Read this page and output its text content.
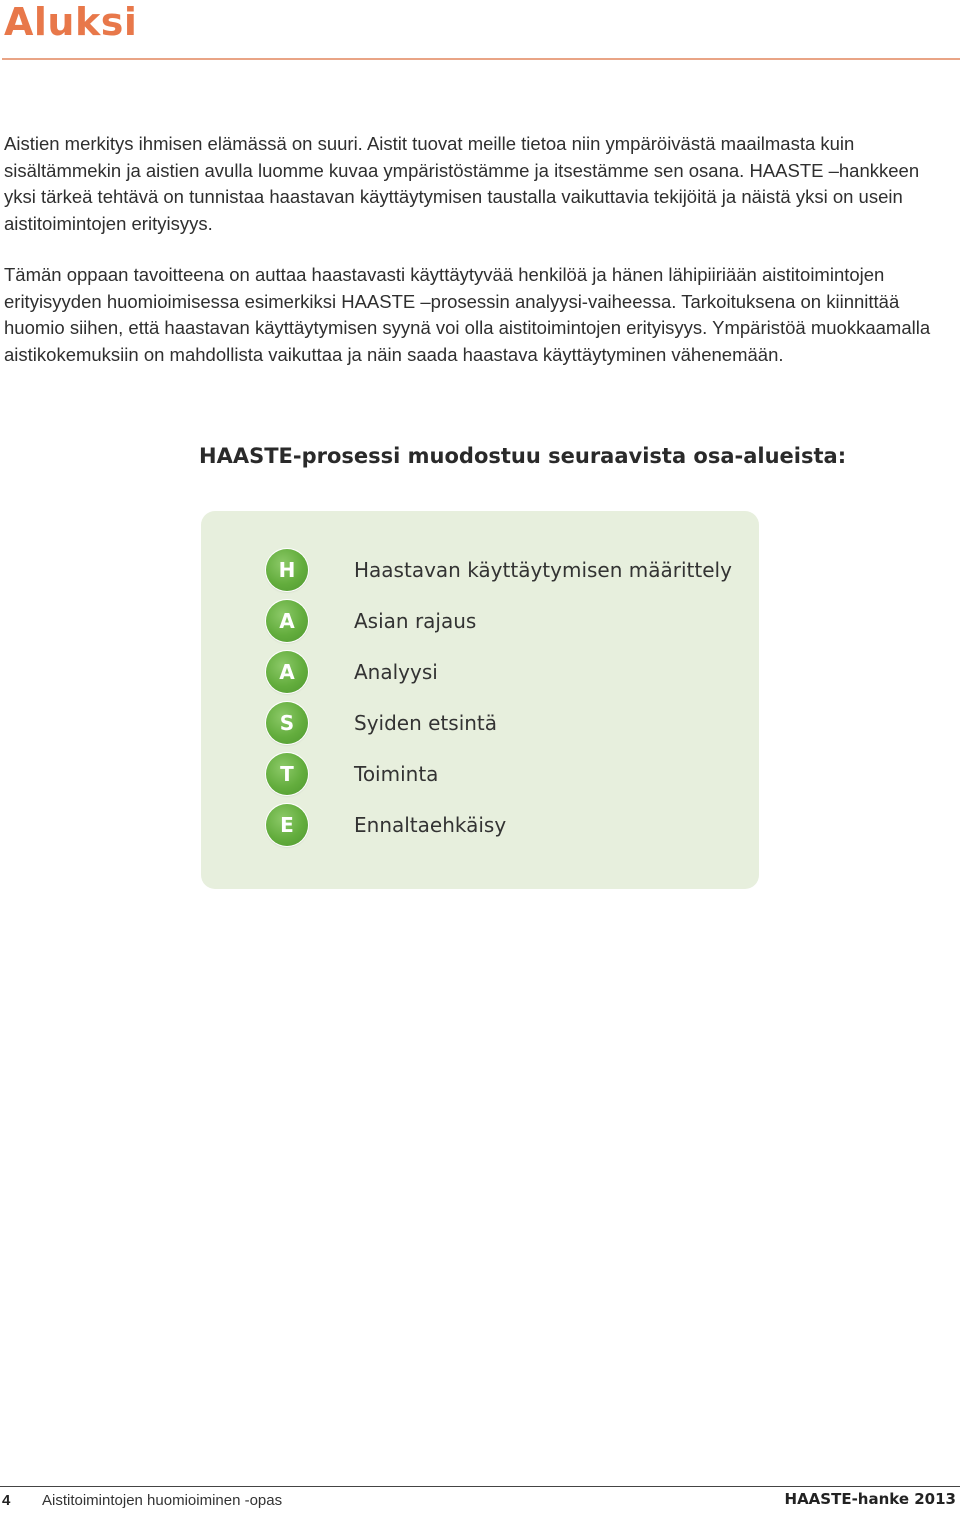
Aluksi

Aistien merkitys ihmisen elämässä on suuri. Aistit tuovat meille tietoa niin ympäröivästä maailmasta kuin sisältämmekin ja aistien avulla luomme kuvaa ympäristöstämme ja itsestämme sen osana. HAASTE –hankkeen yksi tärkeä tehtävä on tunnistaa haastavan käyttäytymisen taustalla vaikuttavia tekijöitä ja näistä yksi on usein aistitoimintojen erityisyys.

Tämän oppaan tavoitteena on auttaa haastavasti käyttäytyvää henkilöä ja hänen lähipiiriään aistitoimintojen erityisyyden huomioimisessa esimerkiksi HAASTE –prosessin analyysi-vaiheessa. Tarkoituksena on kiinnittää huomio siihen, että haastavan käyttäytymisen syynä voi olla aistitoimintojen erityisyys. Ympäristöä muokkaamalla aistikokemuksiin on mahdollista vaikuttaa ja näin saada haastava käyttäytyminen vähenemään.

HAASTE-prosessi muodostuu seuraavista osa-alueista:
H	Haastavan käyttäytymisen määrittely
A	Asian rajaus
A	Analyysi
S	Syiden etsintä
T	Toiminta
E	Ennaltaehkäisy
4 Aistitoimintojen huomioiminen -opas	HAASTE-hanke 2013
